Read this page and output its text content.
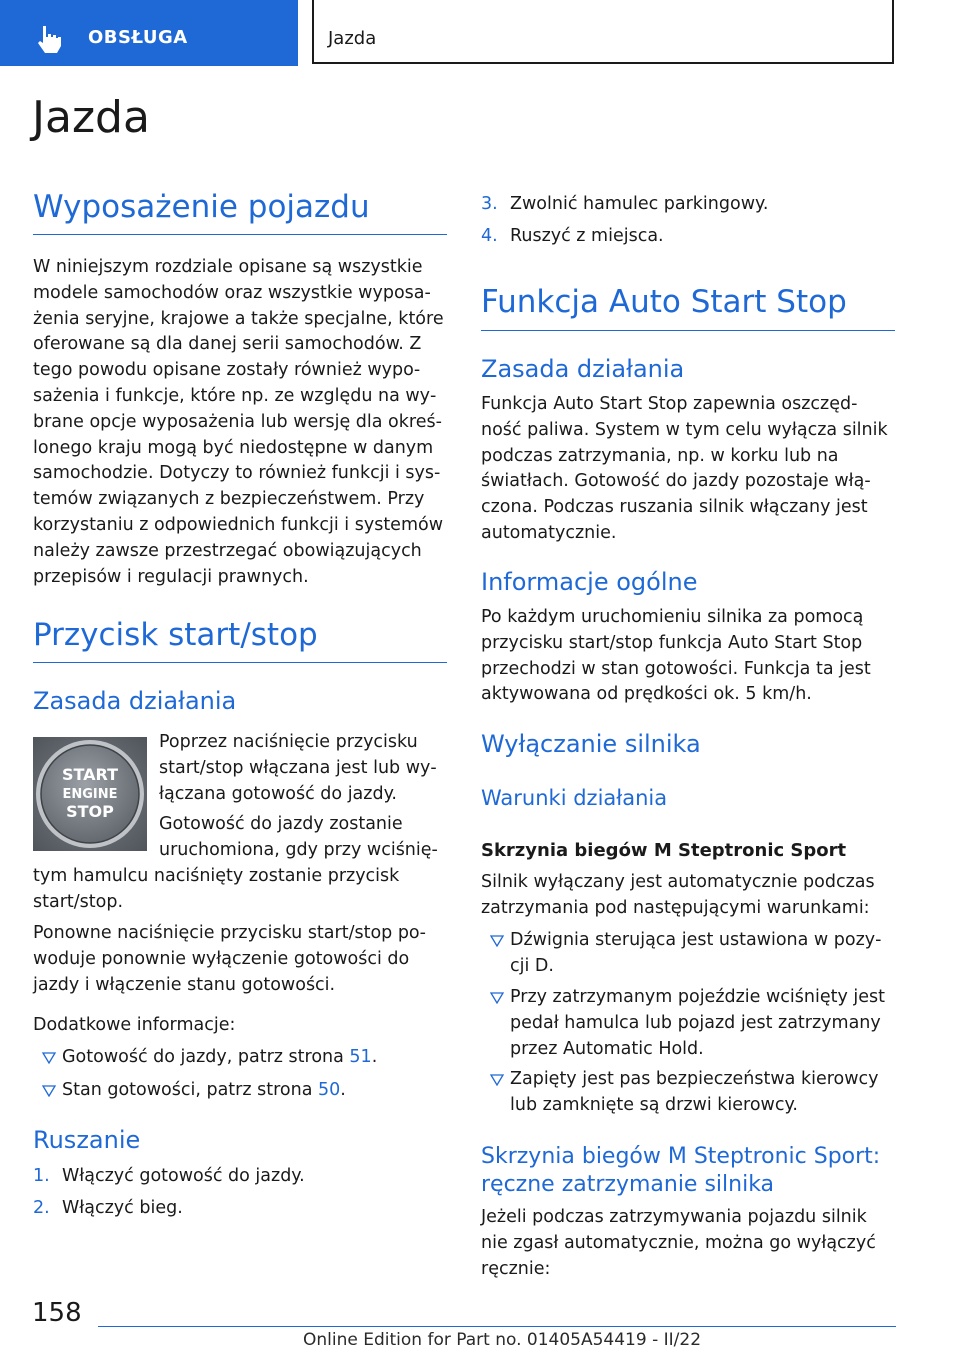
OBSŁUGA	Jazda
Jazda
Wyposażenie pojazdu
W niniejszym rozdziale opisane są wszystkie
modele samochodów oraz wszystkie wyposa‐
żenia seryjne, krajowe a także specjalne, które
oferowane są dla danej serii samochodów. Z
tego powodu opisane zostały również wypo‐
sażenia i funkcje, które np. ze względu na wy‐
brane opcje wyposażenia lub wersję dla okreś‐
lonego kraju mogą być niedostępne w danym
samochodzie. Dotyczy to również funkcji i sys‐
temów związanych z bezpieczeństwem. Przy
korzystaniu z odpowiednich funkcji i systemów
należy zawsze przestrzegać obowiązujących
przepisów i regulacji prawnych.
Przycisk start/stop
Zasada działania
START
ENGINE
STOP
Poprzez naciśnięcie przycisku
start/stop włączana jest lub wy‐
łączana gotowość do jazdy.
Gotowość do jazdy zostanie
uruchomiona, gdy przy wciśnię‐
tym hamulcu naciśnięty zostanie przycisk
start/stop.
Ponowne naciśnięcie przycisku start/stop po‐
woduje ponownie wyłączenie gotowości do
jazdy i włączenie stanu gotowości.
Dodatkowe informacje:
Gotowość do jazdy, patrz strona 51.
Stan gotowości, patrz strona 50.
Ruszanie
1. Włączyć gotowość do jazdy.
2. Włączyć bieg.
3. Zwolnić hamulec parkingowy.
4. Ruszyć z miejsca.
Funkcja Auto Start Stop
Zasada działania
Funkcja Auto Start Stop zapewnia oszczęd‐
ność paliwa. System w tym celu wyłącza silnik
podczas zatrzymania, np. w korku lub na
światłach. Gotowość do jazdy pozostaje włą‐
czona. Podczas ruszania silnik włączany jest
automatycznie.
Informacje ogólne
Po każdym uruchomieniu silnika za pomocą
przycisku start/stop funkcja Auto Start Stop
przechodzi w stan gotowości. Funkcja ta jest
aktywowana od prędkości ok. 5 km/h.
Wyłączanie silnika
Warunki działania
Skrzynia biegów M Steptronic Sport
Silnik wyłączany jest automatycznie podczas
zatrzymania pod następującymi warunkami:
Dźwignia sterująca jest ustawiona w pozy‐
cji D.
Przy zatrzymanym pojeździe wciśnięty jest
pedał hamulca lub pojazd jest zatrzymany
przez Automatic Hold.
Zapięty jest pas bezpieczeństwa kierowcy
lub zamknięte są drzwi kierowcy.
Skrzynia biegów M Steptronic Sport:
ręczne zatrzymanie silnika
Jeżeli podczas zatrzymywania pojazdu silnik
nie zgasł automatycznie, można go wyłączyć
ręcznie:
158
Online Edition for Part no. 01405A54419 - II/22
